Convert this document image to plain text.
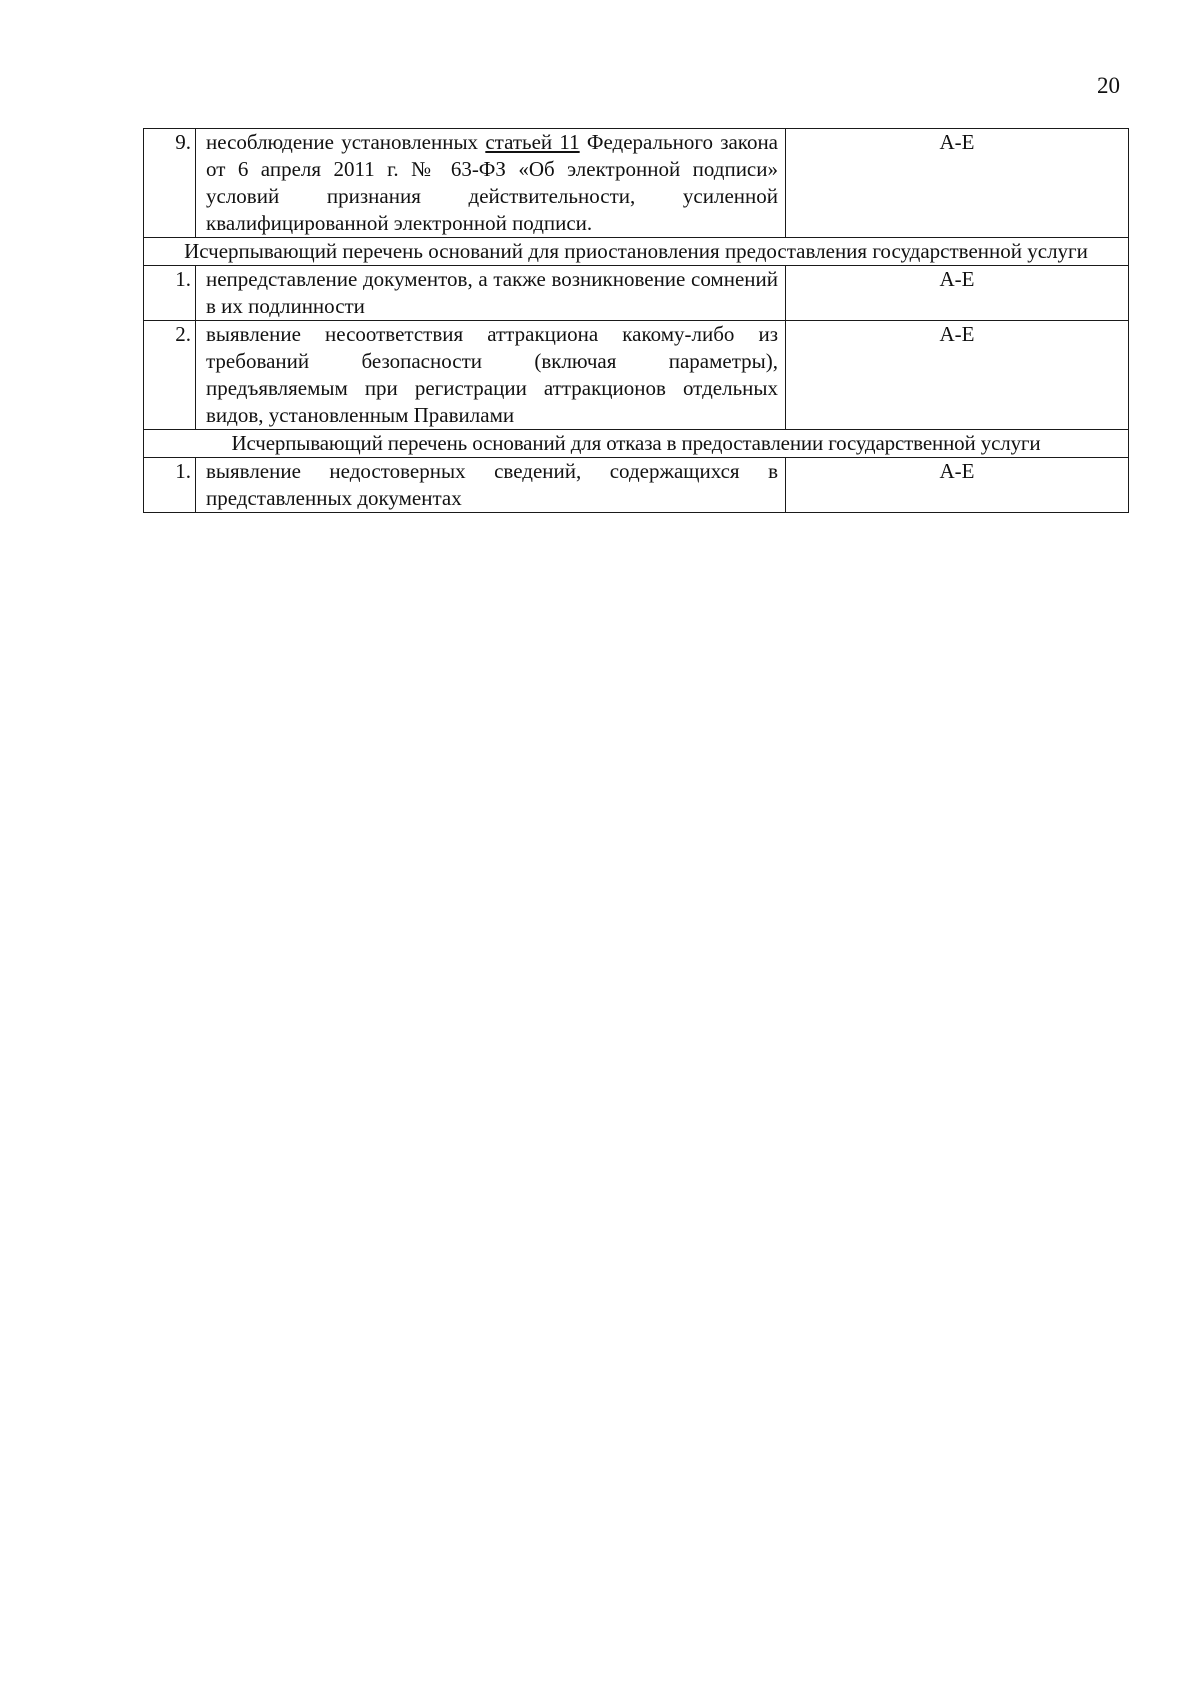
20
9.	несоблюдение установленных статьей 11 Федерального закона от 6 апреля 2011 г. № 63-ФЗ «Об электронной подписи» условий признания действительности, усиленной квалифицированной электронной подписи.	А-Е
Исчерпывающий перечень оснований для приостановления предоставления государственной услуги		
1.	непредставление документов, а также возникновение сомнений в их подлинности	А-Е
2.	выявление несоответствия аттракциона какому-либо из требований безопасности (включая параметры), предъявляемым при регистрации аттракционов отдельных видов, установленным Правилами	А-Е
Исчерпывающий перечень оснований для отказа в предоставлении государственной услуги		
1.	выявление недостоверных сведений, содержащихся в представленных документах	А-Е
